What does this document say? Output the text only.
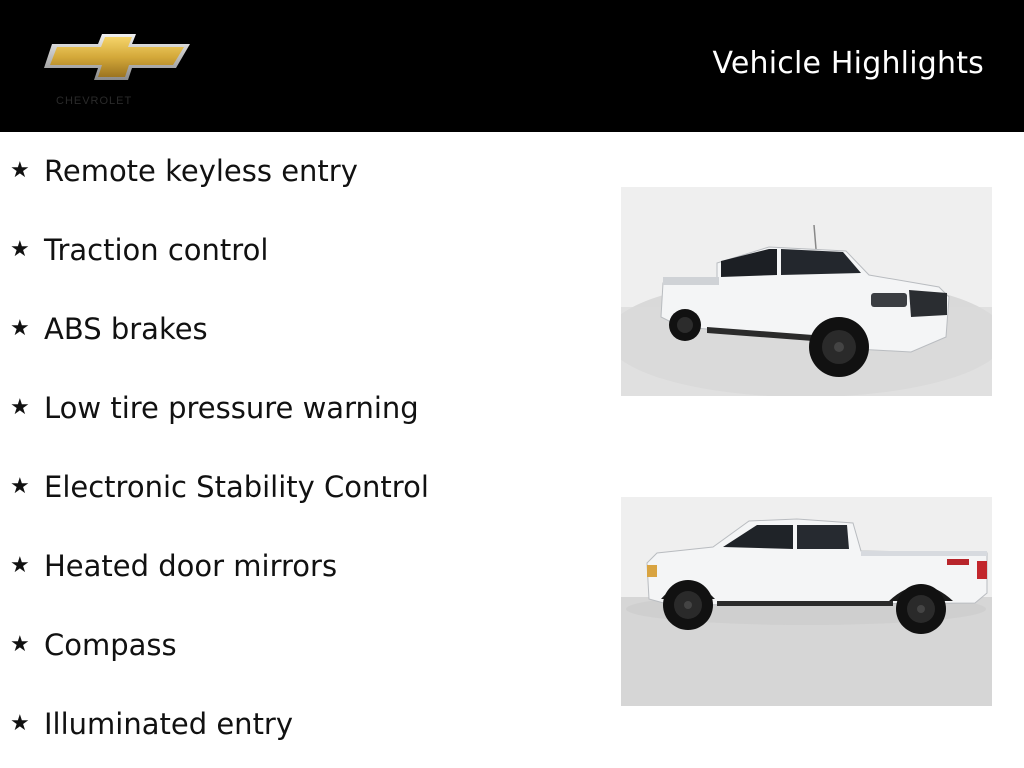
CHEVROLET
Vehicle Highlights
★ Remote keyless entry
★ Traction control
★ ABS brakes
★ Low tire pressure warning
★ Electronic Stability Control
★ Heated door mirrors
★ Compass
★ Illuminated entry
